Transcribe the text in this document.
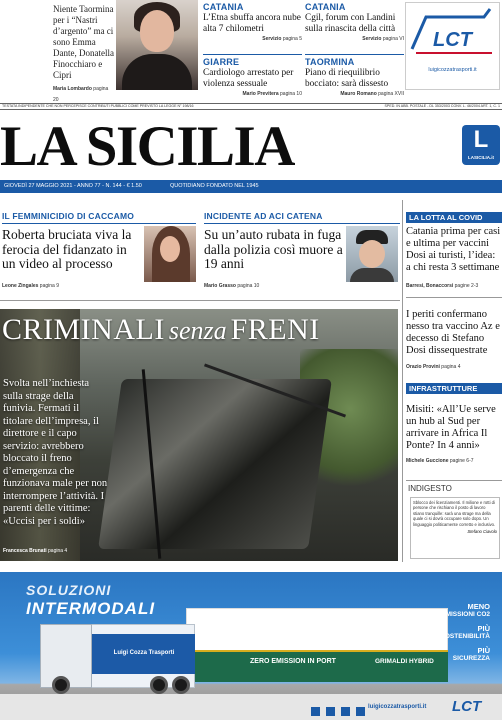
Niente Taormina per i “Nastri d’argento” ma ci sono Emma Dante, Donatella Finocchiaro e Cipri
Maria Lombardo pagina 20
CATANIA
L’Etna sbuffa ancora nube alta 7 chilometri
Servizio pagina 5
GIARRE
Cardiologo arrestato per violenza sessuale
Mario Previtera pagina 10
CATANIA
Cgil, forum con Landini sulla rinascita della città
Servizio pagina VI
TAORMINA
Piano di riequilibrio bocciato: sarà dissesto
Mauro Romano pagina XVII
LCT
luigicozzatrasporti.it
TESTATA INDIPENDENTE CHE NON PERCEPISCE CONTRIBUTI PUBBLICI COME PREVISTO LA LEGGE N° 198/16	SPED. IN ABB. POSTALE - DL 353/2003 CONV. L. 46/2004 ART. 1, C. 1
LA SICILIA	L
LASICILIA.it
GIOVEDÌ 27 MAGGIO 2021 - ANNO 77 - N. 144 - € 1.50	QUOTIDIANO FONDATO NEL 1945
IL FEMMINICIDIO DI CACCAMO
Roberta bruciata viva la ferocia del fidanzato in un video al processo
Leone Zingales pagina 9
INCIDENTE AD ACI CATENA
Su un’auto rubata in fuga dalla polizia così muore a 19 anni
Mario Grasso pagina 10
CRIMINALI senza FRENI
Svolta nell’inchiesta sulla strage della funivia. Fermati il titolare dell’impresa, il direttore e il capo servizio: avrebbero bloccato il freno d’emergenza che funzionava male per non interrompere l’attività. I parenti delle vittime: «Uccisi per i soldi»
Francesca Brunati pagina 4
LA LOTTA AL COVID
Catania prima per casi e ultima per vaccini Dosi ai turisti, l’idea: a chi resta 3 settimane
Barresi, Bonaccorsi pagine 2-3
I periti confermano nesso tra vaccino Az e decesso di Stefano Dosi dissequestrate
Orazio Provini pagina 4
INFRASTRUTTURE
Misiti: «All’Ue serve un hub al Sud per arrivare in Africa Il Ponte? In 4 anni»
Michele Guccione pagine 6-7
INDIGESTO
Sblocco dei licenziamenti. Il milione e rotti di persone che rischiano il posto di lavoro stiano tranquille: sarà una strage ma della quale ci si dovrà occupare solo dopo. Un linguaggio politicamente corretto e inclusivo.
Stefano Ciavolo
SOLUZIONI
INTERMODALI
ZERO EMISSION IN PORT	GRIMALDI HYBRID
Luigi Cozza Trasporti
MENO
EMISSIONI CO2
PIÙ
SOSTENIBILITÀ
PIÙ
SICUREZZA

luigicozzatrasporti.it LCT
